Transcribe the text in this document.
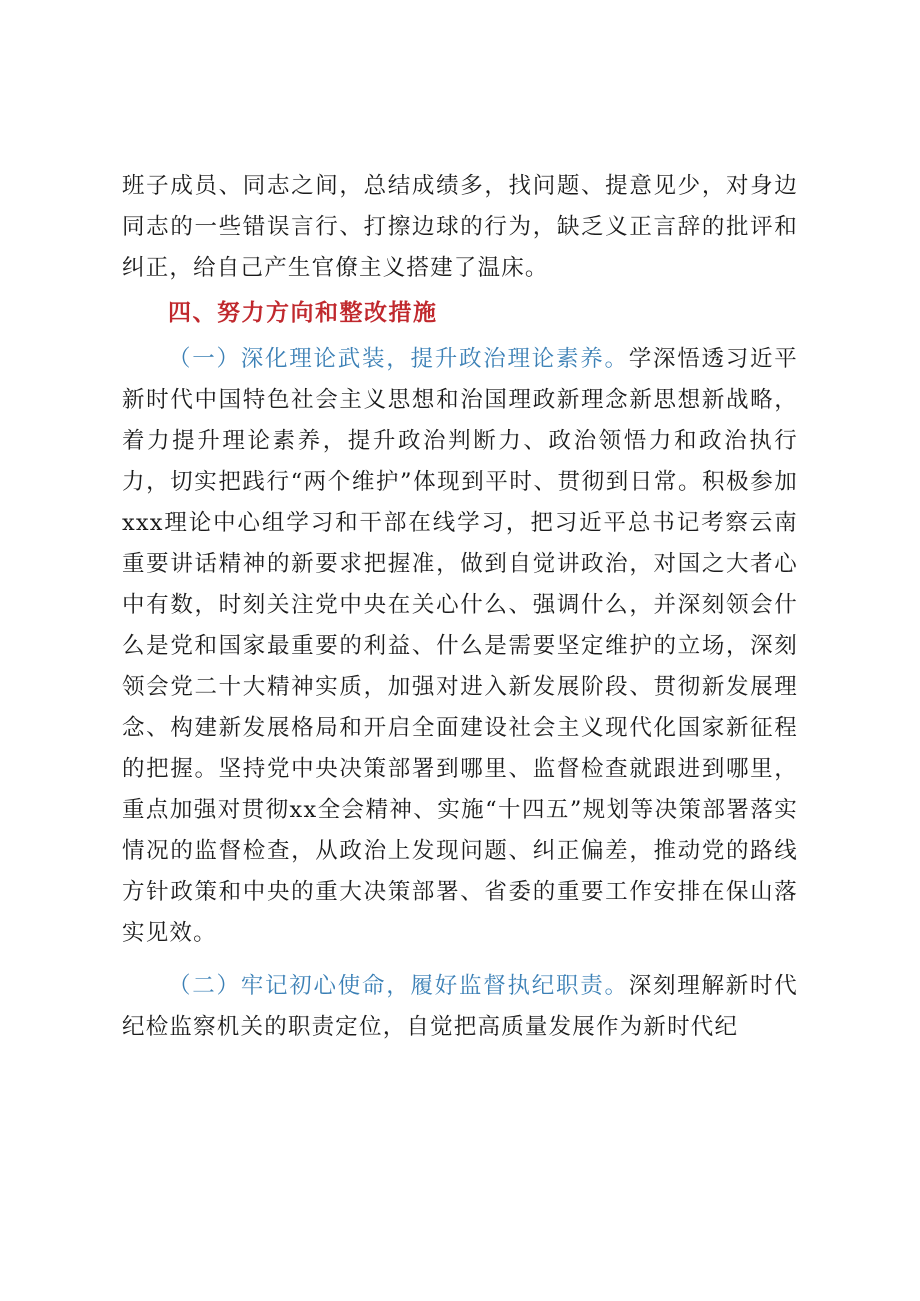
班子成员、同志之间，总结成绩多，找问题、提意见少，对身边同志的一些错误言行、打擦边球的行为，缺乏义正言辞的批评和纠正，给自己产生官僚主义搭建了温床。

四、努力方向和整改措施

（一）深化理论武装，提升政治理论素养。学深悟透习近平新时代中国特色社会主义思想和治国理政新理念新思想新战略，着力提升理论素养，提升政治判断力、政治领悟力和政治执行力，切实把践行“两个维护”体现到平时、贯彻到日常。积极参加xxx理论中心组学习和干部在线学习，把习近平总书记考察云南重要讲话精神的新要求把握准，做到自觉讲政治，对国之大者心中有数，时刻关注党中央在关心什么、强调什么，并深刻领会什么是党和国家最重要的利益、什么是需要坚定维护的立场，深刻领会党二十大精神实质，加强对进入新发展阶段、贯彻新发展理念、构建新发展格局和开启全面建设社会主义现代化国家新征程的把握。坚持党中央决策部署到哪里、监督检查就跟进到哪里，重点加强对贯彻xx全会精神、实施“十四五”规划等决策部署落实情况的监督检查，从政治上发现问题、纠正偏差，推动党的路线方针政策和中央的重大决策部署、省委的重要工作安排在保山落实见效。

（二）牢记初心使命，履好监督执纪职责。深刻理解新时代纪检监察机关的职责定位，自觉把高质量发展作为新时代纪
